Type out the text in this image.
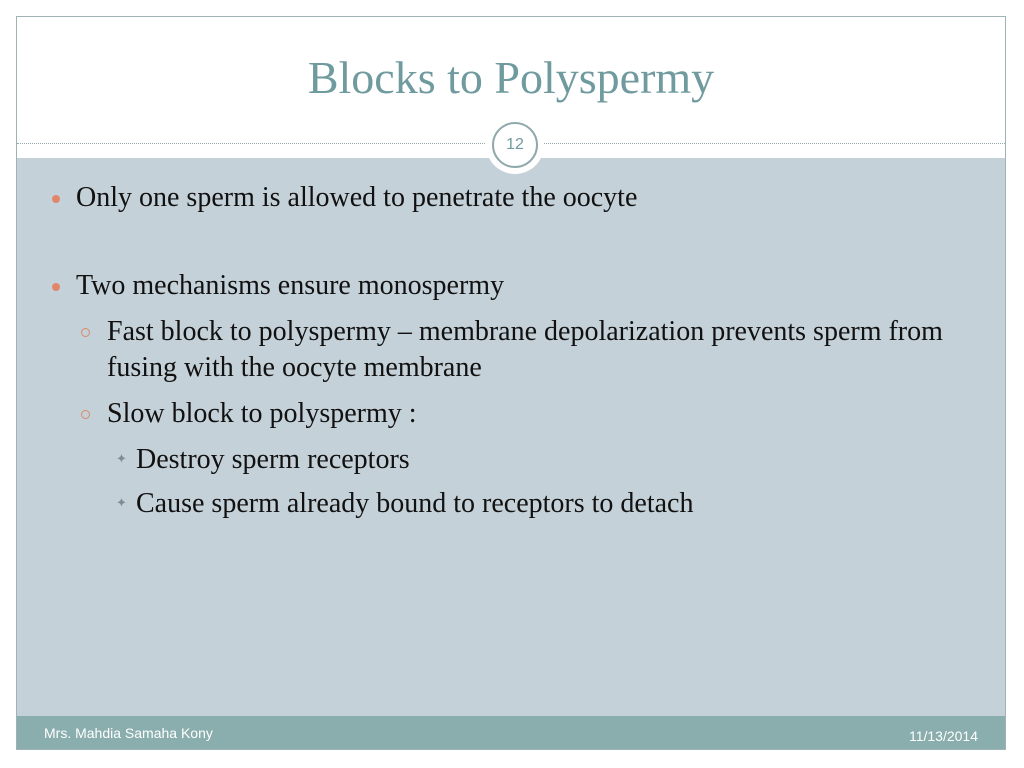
Blocks to Polyspermy
Only one sperm is allowed to penetrate the oocyte
Two mechanisms ensure monospermy
Fast block to polyspermy – membrane depolarization prevents sperm from fusing with the oocyte membrane
Slow block to polyspermy :
✦ Destroy sperm receptors
✦ Cause sperm already bound to receptors to detach
12
Mrs. Mahdia Samaha Kony	11/13/2014
